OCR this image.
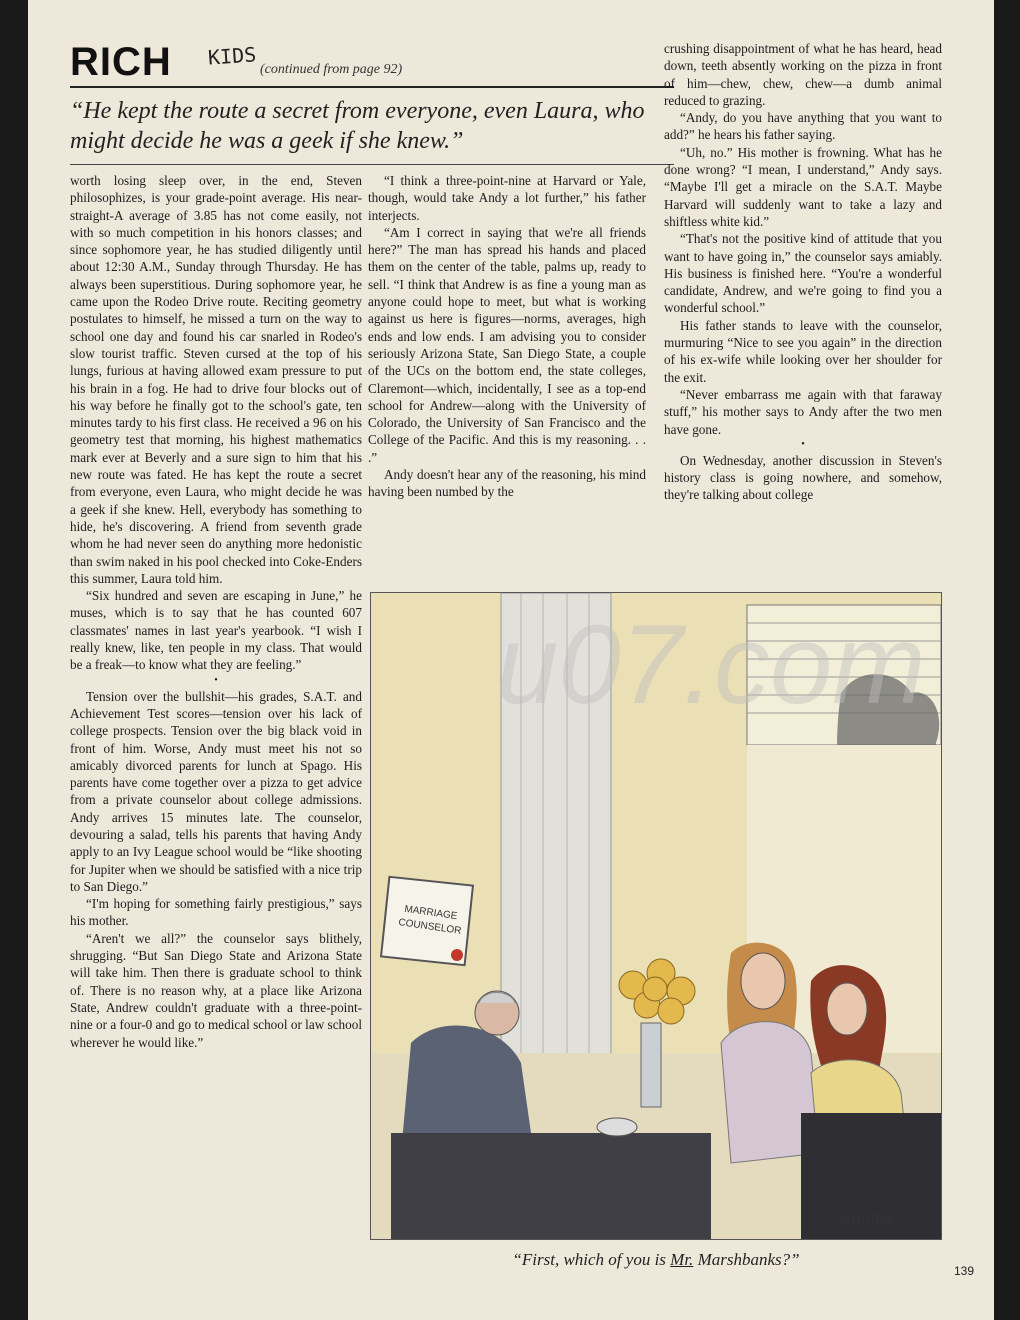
RICH KIDS (continued from page 92)

“He kept the route a secret from everyone, even Laura, who might decide he was a geek if she knew.”

worth losing sleep over, in the end, Steven philosophizes, is your grade-point average. His near-straight-A average of 3.85 has not come easily, not with so much competition in his honors classes; and since sophomore year, he has studied diligently until about 12:30 A.M., Sunday through Thursday. He has always been superstitious. During sophomore year, he came upon the Rodeo Drive route. Reciting geometry postulates to himself, he missed a turn on the way to school one day and found his car snarled in Rodeo's slow tourist traffic. Steven cursed at the top of his lungs, furious at having allowed exam pressure to put his brain in a fog. He had to drive four blocks out of his way before he finally got to the school's gate, ten minutes tardy to his first class. He received a 96 on his geometry test that morning, his highest mathematics mark ever at Beverly and a sure sign to him that his new route was fated. He has kept the route a secret from everyone, even Laura, who might decide he was a geek if she knew. Hell, everybody has something to hide, he's discovering. A friend from seventh grade whom he had never seen do anything more hedonistic than swim naked in his pool checked into Coke-Enders this summer, Laura told him.

“Six hundred and seven are escaping in June,” he muses, which is to say that he has counted 607 classmates' names in last year's yearbook. “I wish I really knew, like, ten people in my class. That would be a freak—to know what they are feeling.”

•

Tension over the bullshit—his grades, S.A.T. and Achievement Test scores—tension over his lack of college prospects. Tension over the big black void in front of him. Worse, Andy must meet his not so amicably divorced parents for lunch at Spago. His parents have come together over a pizza to get advice from a private counselor about college admissions. Andy arrives 15 minutes late. The counselor, devouring a salad, tells his parents that having Andy apply to an Ivy League school would be “like shooting for Jupiter when we should be satisfied with a nice trip to San Diego.”

“I'm hoping for something fairly prestigious,” says his mother.

“Aren't we all?” the counselor says blithely, shrugging. “But San Diego State and Arizona State will take him. Then there is graduate school to think of. There is no reason why, at a place like Arizona State, Andrew couldn't graduate with a three-point-nine or a four-0 and go to medical school or law school wherever he would like.”

“I think a three-point-nine at Harvard or Yale, though, would take Andy a lot further,” his father interjects.

“Am I correct in saying that we're all friends here?” The man has spread his hands and placed them on the center of the table, palms up, ready to sell. “I think that Andrew is as fine a young man as anyone could hope to meet, but what is working against us here is figures—norms, averages, high ends and low ends. I am advising you to consider seriously Arizona State, San Diego State, a couple of the UCs on the bottom end, the state colleges, Claremont—which, incidentally, I see as a top-end school for Andrew—along with the University of Colorado, the University of San Francisco and the College of the Pacific. And this is my reasoning. . . .”

Andy doesn't hear any of the reasoning, his mind having been numbed by the

crushing disappointment of what he has heard, head down, teeth absently working on the pizza in front of him—chew, chew, chew—a dumb animal reduced to grazing.

“Andy, do you have anything that you want to add?” he hears his father saying.

“Uh, no.” His mother is frowning. What has he done wrong? “I mean, I understand,” Andy says. “Maybe I'll get a miracle on the S.A.T. Maybe Harvard will suddenly want to take a lazy and shiftless white kid.”

“That's not the positive kind of attitude that you want to have going in,” the counselor says amiably. His business is finished here. “You're a wonderful candidate, Andrew, and we're going to find you a wonderful school.”

His father stands to leave with the counselor, murmuring “Nice to see you again” in the direction of his ex-wife while looking over her shoulder for the exit.

“Never embarrass me again with that faraway stuff,” his mother says to Andy after the two men have gone.

•

On Wednesday, another discussion in Steven's history class is going nowhere, and somehow, they're talking about college

MARRIAGE
COUNSELOR
Smilby
“First, which of you is Mr. Marshbanks?”
139
u07.com
